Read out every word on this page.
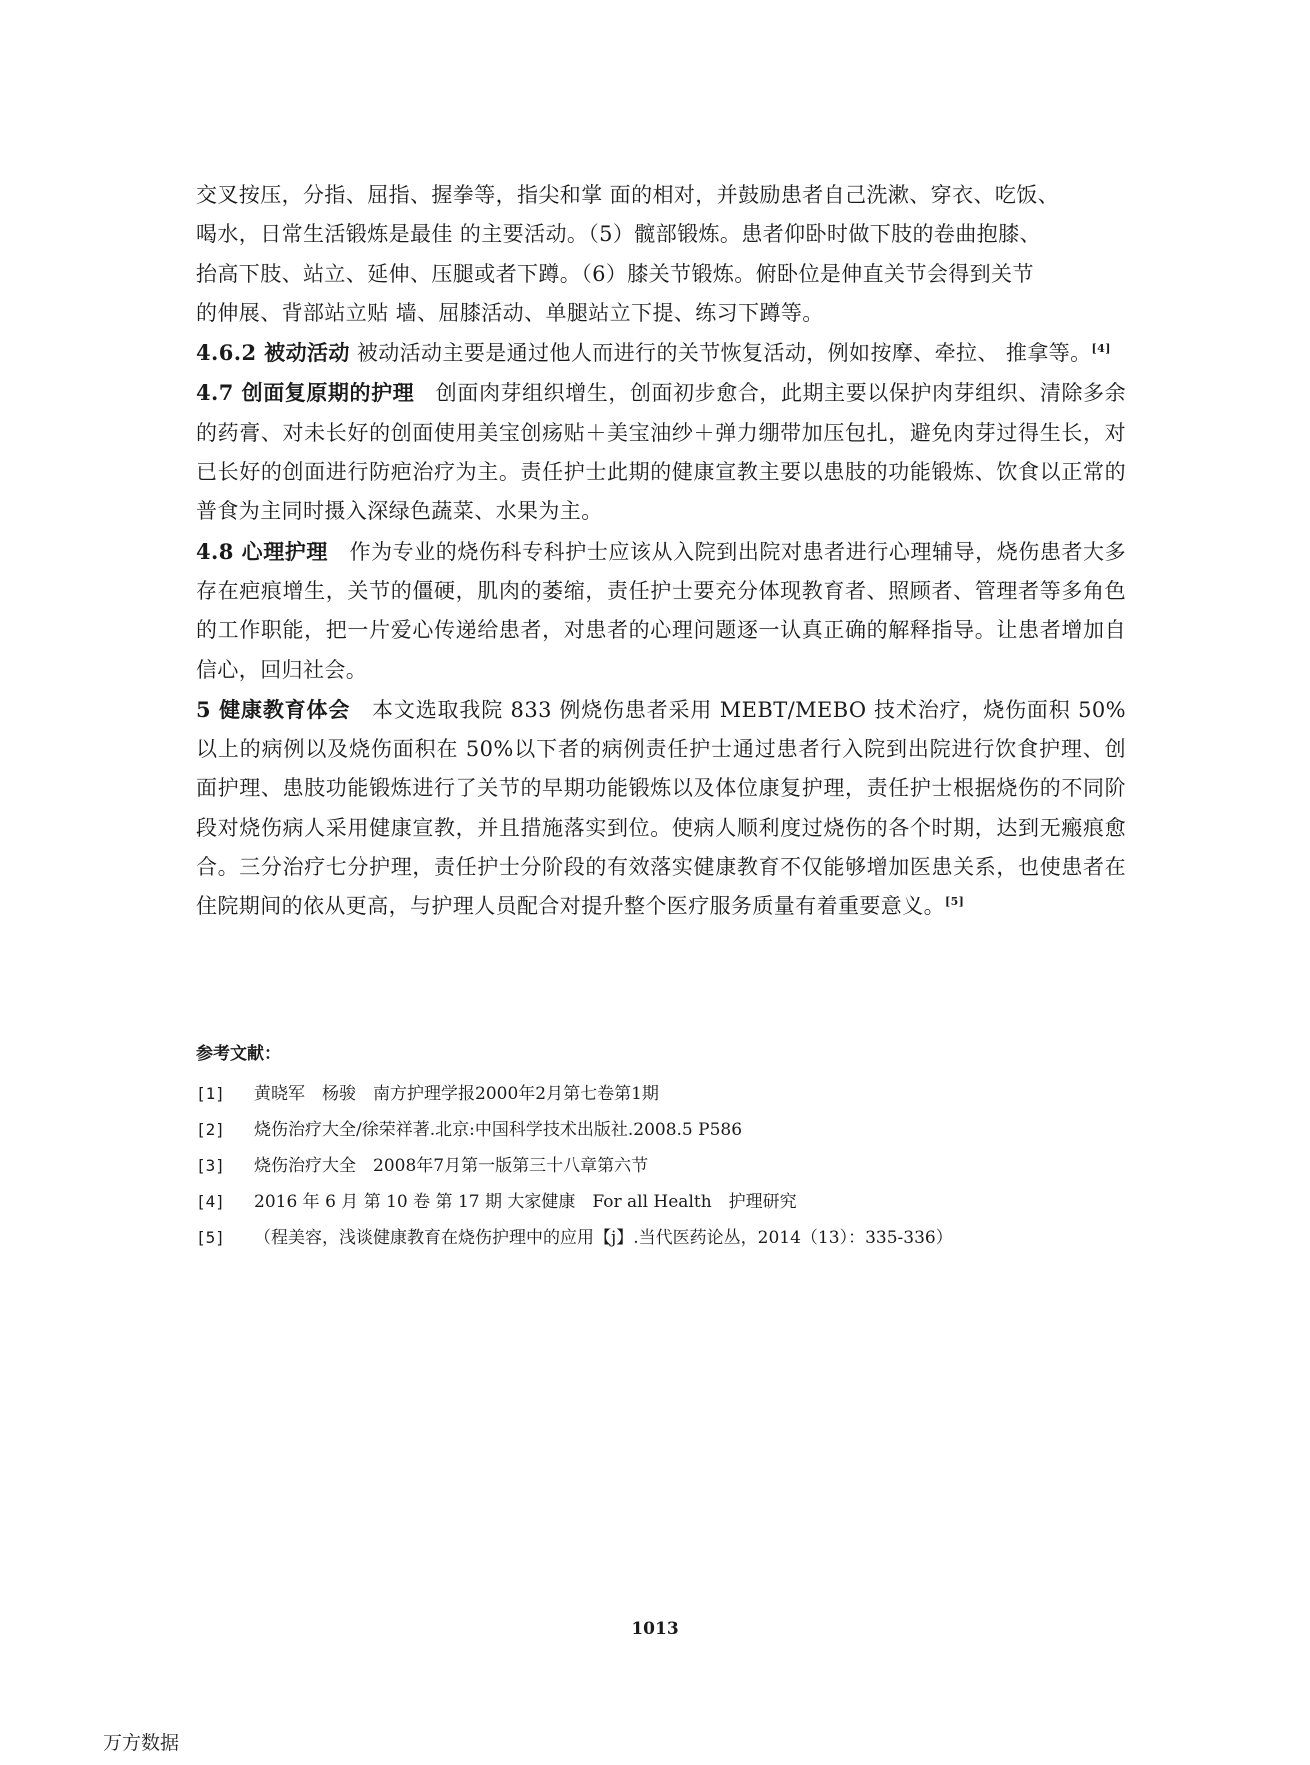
交叉按压，分指、屈指、握拳等，指尖和掌 面的相对，并鼓励患者自己洗漱、穿衣、吃饭、
喝水，日常生活锻炼是最佳 的主要活动。（5）髋部锻炼。患者仰卧时做下肢的卷曲抱膝、
抬高下肢、站立、延伸、压腿或者下蹲。（6）膝关节锻炼。俯卧位是伸直关节会得到关节
的伸展、背部站立贴 墙、屈膝活动、单腿站立下提、练习下蹲等。

4.6.2 被动活动 被动活动主要是通过他人而进行的关节恢复活动，例如按摩、牵拉、 推拿等。[4]

4.7 创面复原期的护理　创面肉芽组织增生，创面初步愈合，此期主要以保护肉芽组织、清除多余的药膏、对未长好的创面使用美宝创疡贴＋美宝油纱＋弹力绷带加压包扎，避免肉芽过得生长，对已长好的创面进行防疤治疗为主。责任护士此期的健康宣教主要以患肢的功能锻炼、饮食以正常的普食为主同时摄入深绿色蔬菜、水果为主。

4.8 心理护理　作为专业的烧伤科专科护士应该从入院到出院对患者进行心理辅导，烧伤患者大多存在疤痕增生，关节的僵硬，肌肉的萎缩，责任护士要充分体现教育者、照顾者、管理者等多角色的工作职能，把一片爱心传递给患者，对患者的心理问题逐一认真正确的解释指导。让患者增加自信心，回归社会。

5 健康教育体会　本文选取我院 833 例烧伤患者采用 MEBT/MEBO 技术治疗，烧伤面积 50%以上的病例以及烧伤面积在 50%以下者的病例责任护士通过患者行入院到出院进行饮食护理、创面护理、患肢功能锻炼进行了关节的早期功能锻炼以及体位康复护理，责任护士根据烧伤的不同阶段对烧伤病人采用健康宣教，并且措施落实到位。使病人顺利度过烧伤的各个时期，达到无瘢痕愈合。三分治疗七分护理，责任护士分阶段的有效落实健康教育不仅能够增加医患关系，也使患者在住院期间的依从更高，与护理人员配合对提升整个医疗服务质量有着重要意义。[5]

参考文献：
[1] 黄晓军　杨骏　南方护理学报2000年2月第七卷第1期
[2] 烧伤治疗大全/徐荣祥著.北京:中国科学技术出版社.2008.5 P586
[3] 烧伤治疗大全　2008年7月第一版第三十八章第六节
[4] 2016 年 6 月 第 10 卷 第 17 期 大家健康　For all Health　护理研究
[5] （程美容，浅谈健康教育在烧伤护理中的应用【j】.当代医药论丛，2014（13）：335-336）
1013
万方数据
